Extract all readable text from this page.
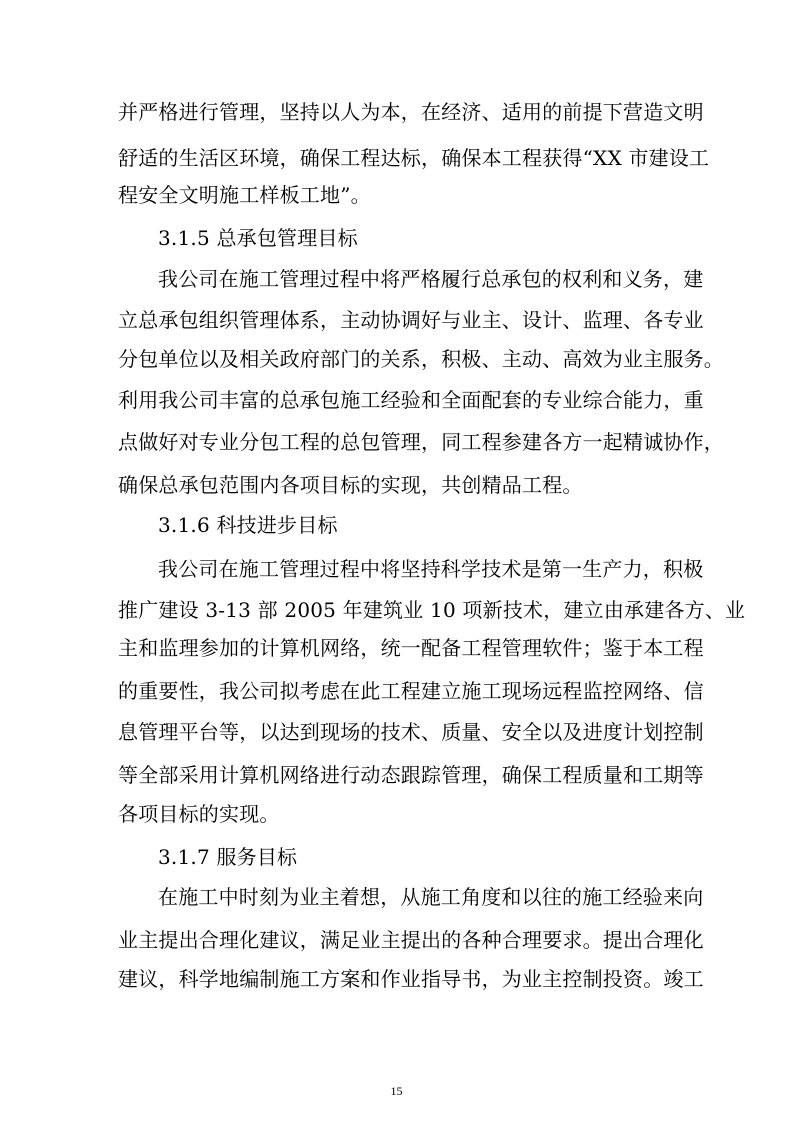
并严格进行管理，坚持以人为本，在经济、适用的前提下营造文明

舒适的生活区环境，确保工程达标，确保本工程获得“XX 市建设工

程安全文明施工样板工地”。

3.1.5 总承包管理目标

我公司在施工管理过程中将严格履行总承包的权利和义务，建

立总承包组织管理体系，主动协调好与业主、设计、监理、各专业

分包单位以及相关政府部门的关系，积极、主动、高效为业主服务。

利用我公司丰富的总承包施工经验和全面配套的专业综合能力，重

点做好对专业分包工程的总包管理，同工程参建各方一起精诚协作，

确保总承包范围内各项目标的实现，共创精品工程。

3.1.6 科技进步目标

我公司在施工管理过程中将坚持科学技术是第一生产力，积极

推广建设 3-13 部 2005 年建筑业 10 项新技术，建立由承建各方、业

主和监理参加的计算机网络，统一配备工程管理软件；鉴于本工程

的重要性，我公司拟考虑在此工程建立施工现场远程监控网络、信

息管理平台等，以达到现场的技术、质量、安全以及进度计划控制

等全部采用计算机网络进行动态跟踪管理，确保工程质量和工期等

各项目标的实现。

3.1.7 服务目标

在施工中时刻为业主着想，从施工角度和以往的施工经验来向

业主提出合理化建议，满足业主提出的各种合理要求。提出合理化

建议，科学地编制施工方案和作业指导书，为业主控制投资。竣工

15
